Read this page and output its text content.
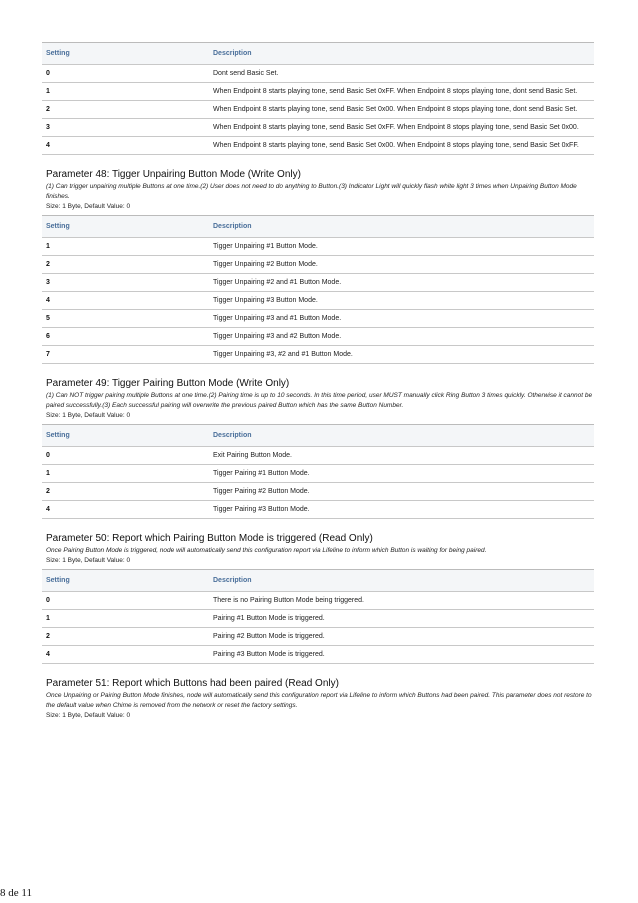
Setting	Description
0	Dont send Basic Set.
1	When Endpoint 8 starts playing tone, send Basic Set 0xFF. When Endpoint 8 stops playing tone, dont send Basic Set.
2	When Endpoint 8 starts playing tone, send Basic Set 0x00. When Endpoint 8 stops playing tone, dont send Basic Set.
3	When Endpoint 8 starts playing tone, send Basic Set 0xFF. When Endpoint 8 stops playing tone, send Basic Set 0x00.
4	When Endpoint 8 starts playing tone, send Basic Set 0x00. When Endpoint 8 stops playing tone, send Basic Set 0xFF.
Parameter 48: Tigger Unpairing Button Mode (Write Only)
(1) Can trigger unpairing multiple Buttons at one time.(2) User does not need to do anything to Button.(3) Indicator Light will quickly flash white light 3 times when Unpairing Button Mode finishes.
Size: 1 Byte, Default Value: 0
Setting	Description
1	Tigger Unpairing #1 Button Mode.
2	Tigger Unpairing #2 Button Mode.
3	Tigger Unpairing #2 and #1 Button Mode.
4	Tigger Unpairing #3 Button Mode.
5	Tigger Unpairing #3 and #1 Button Mode.
6	Tigger Unpairing #3 and #2 Button Mode.
7	Tigger Unpairing #3, #2 and #1 Button Mode.
Parameter 49: Tigger Pairing Button Mode (Write Only)
(1) Can NOT trigger pairing multiple Buttons at one time.(2) Pairing time is up to 10 seconds. In this time period, user MUST manually click Ring Button 3 times quickly. Otherwise it cannot be paired successfully.(3) Each successful pairing will overwrite the previous paired Button which has the same Button Number.
Size: 1 Byte, Default Value: 0
Setting	Description
0	Exit Pairing Button Mode.
1	Tigger Pairing #1 Button Mode.
2	Tigger Pairing #2 Button Mode.
4	Tigger Pairing #3 Button Mode.
Parameter 50: Report which Pairing Button Mode is triggered (Read Only)
Once Pairing Button Mode is triggered, node will automatically send this configuration report via Lifeline to inform which Button is waiting for being paired.
Size: 1 Byte, Default Value: 0
Setting	Description
0	There is no Pairing Button Mode being triggered.
1	Pairing #1 Button Mode is triggered.
2	Pairing #2 Button Mode is triggered.
4	Pairing #3 Button Mode is triggered.
Parameter 51: Report which Buttons had been paired (Read Only)
Once Unpairing or Pairing Button Mode finishes, node will automatically send this configuration report via Lifeline to inform which Buttons had been paired. This parameter does not restore to the default value when Chime is removed from the network or reset the factory settings.
Size: 1 Byte, Default Value: 0
8 de 11
